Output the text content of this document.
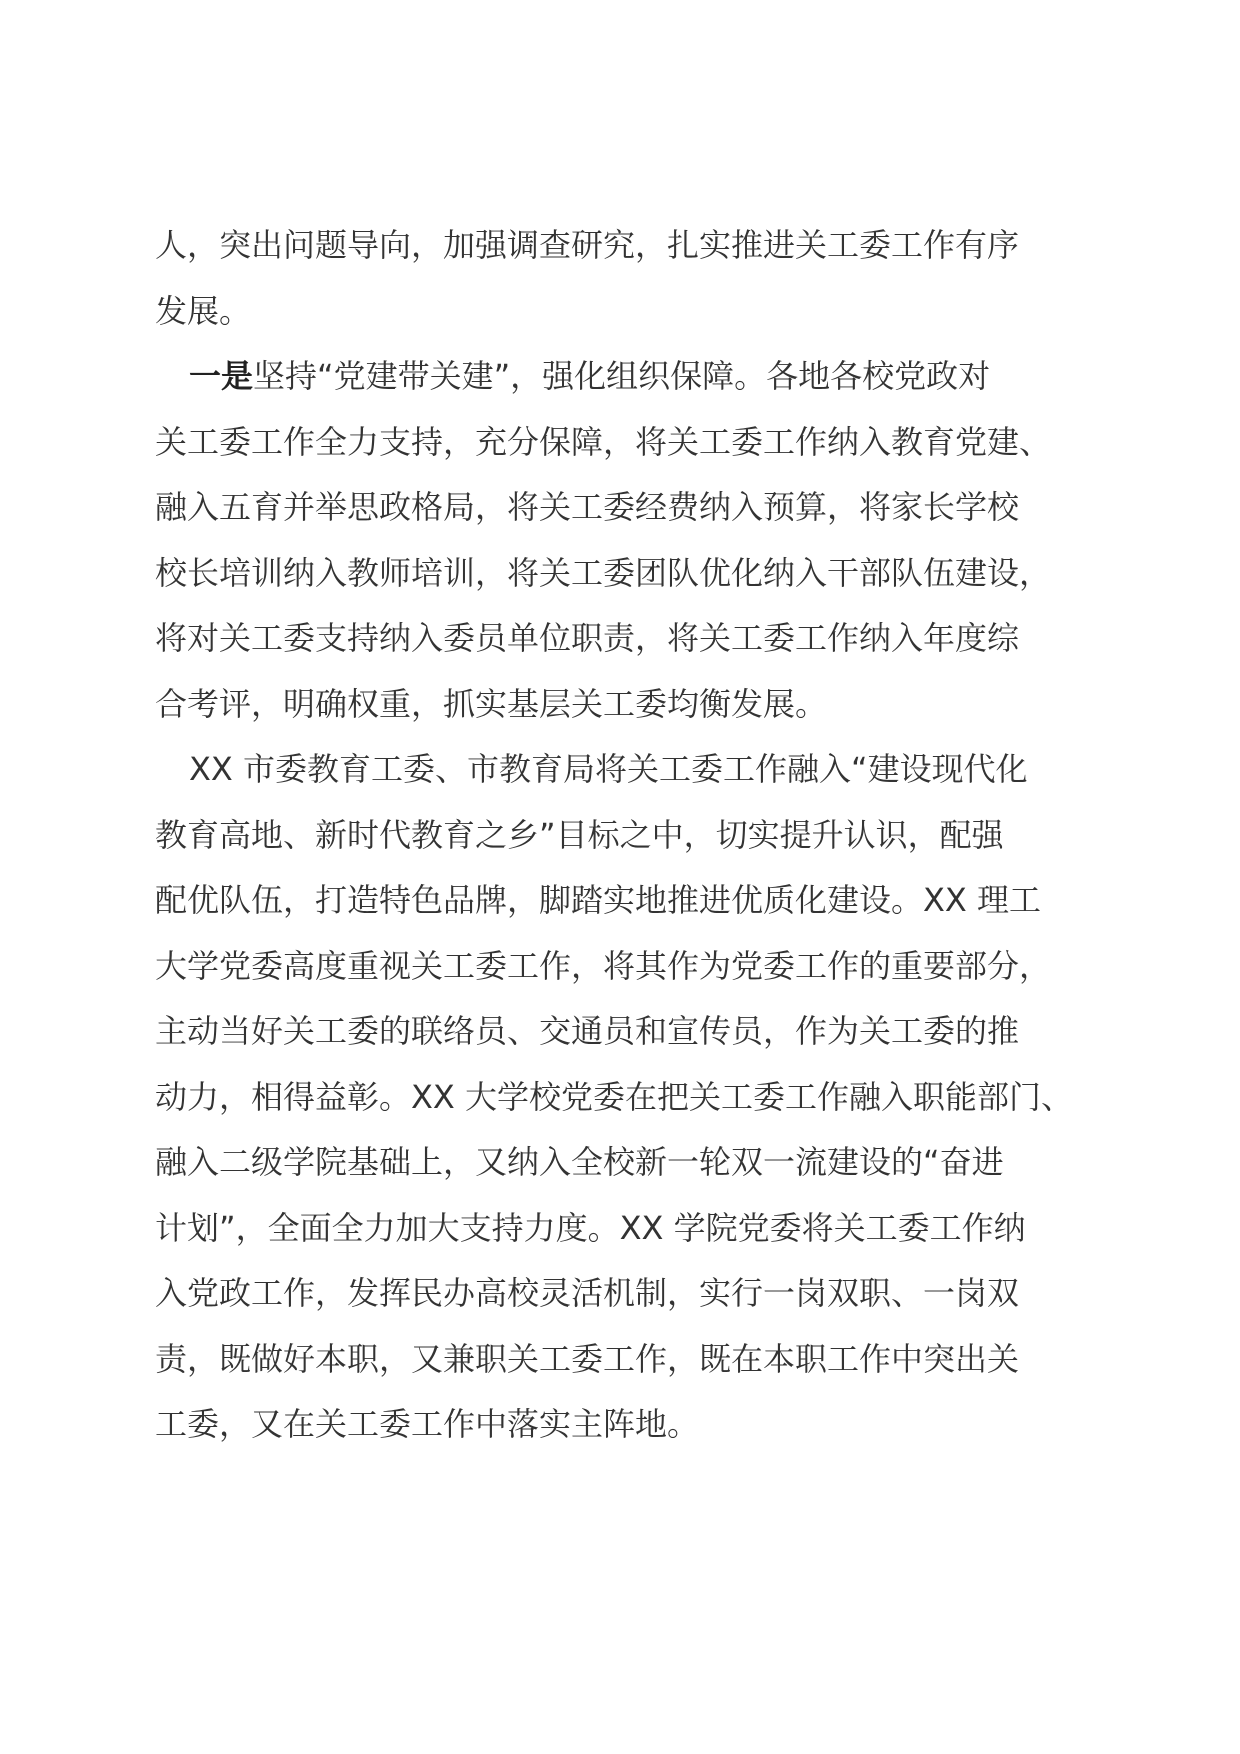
人，突出问题导向，加强调查研究，扎实推进关工委工作有序
发展。
一是坚持“党建带关建”，强化组织保障。各地各校党政对
关工委工作全力支持，充分保障，将关工委工作纳入教育党建、
融入五育并举思政格局，将关工委经费纳入预算，将家长学校
校长培训纳入教师培训，将关工委团队优化纳入干部队伍建设，
将对关工委支持纳入委员单位职责，将关工委工作纳入年度综
合考评，明确权重，抓实基层关工委均衡发展。
XX 市委教育工委、市教育局将关工委工作融入“建设现代化
教育高地、新时代教育之乡”目标之中，切实提升认识，配强
配优队伍，打造特色品牌，脚踏实地推进优质化建设。XX 理工
大学党委高度重视关工委工作，将其作为党委工作的重要部分，
主动当好关工委的联络员、交通员和宣传员，作为关工委的推
动力，相得益彰。XX 大学校党委在把关工委工作融入职能部门、
融入二级学院基础上，又纳入全校新一轮双一流建设的“奋进
计划”，全面全力加大支持力度。XX 学院党委将关工委工作纳
入党政工作，发挥民办高校灵活机制，实行一岗双职、一岗双
责，既做好本职，又兼职关工委工作，既在本职工作中突出关
工委，又在关工委工作中落实主阵地。
